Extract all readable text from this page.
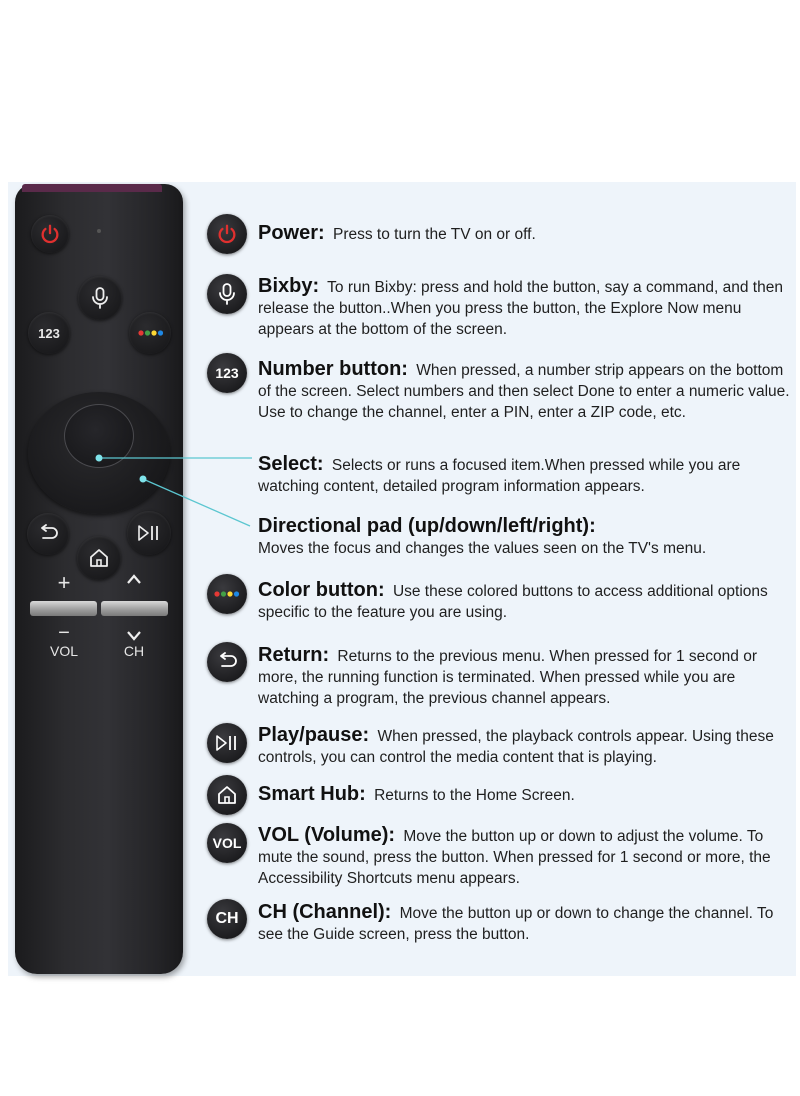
123
+
−
VOL	CH
123
VOL
CH
Power: Press to turn the TV on or off.
Bixby: To run Bixby: press and hold the button, say a command, and then release the button..When you press the button, the Explore Now menu appears at the bottom of the screen.
Number button: When pressed, a number strip appears on the bottom of the screen. Select numbers and then select Done to enter a numeric value. Use to change the channel, enter a PIN, enter a ZIP code, etc.
Select: Selects or runs a focused item.When pressed while you are watching content, detailed program information appears.
Directional pad (up/down/left/right):
Moves the focus and changes the values seen on the TV's menu.
Color button: Use these colored buttons to access additional options specific to the feature you are using.
Return: Returns to the previous menu. When pressed for 1 second or more, the running function is terminated. When pressed while you are watching a program, the previous channel appears.
Play/pause: When pressed, the playback controls appear. Using these controls, you can control the media content that is playing.
Smart Hub: Returns to the Home Screen.
VOL (Volume): Move the button up or down to adjust the volume. To mute the sound, press the button. When pressed for 1 second or more, the Accessibility Shortcuts menu appears.
CH (Channel): Move the button up or down to change the channel. To see the Guide screen, press the button.
